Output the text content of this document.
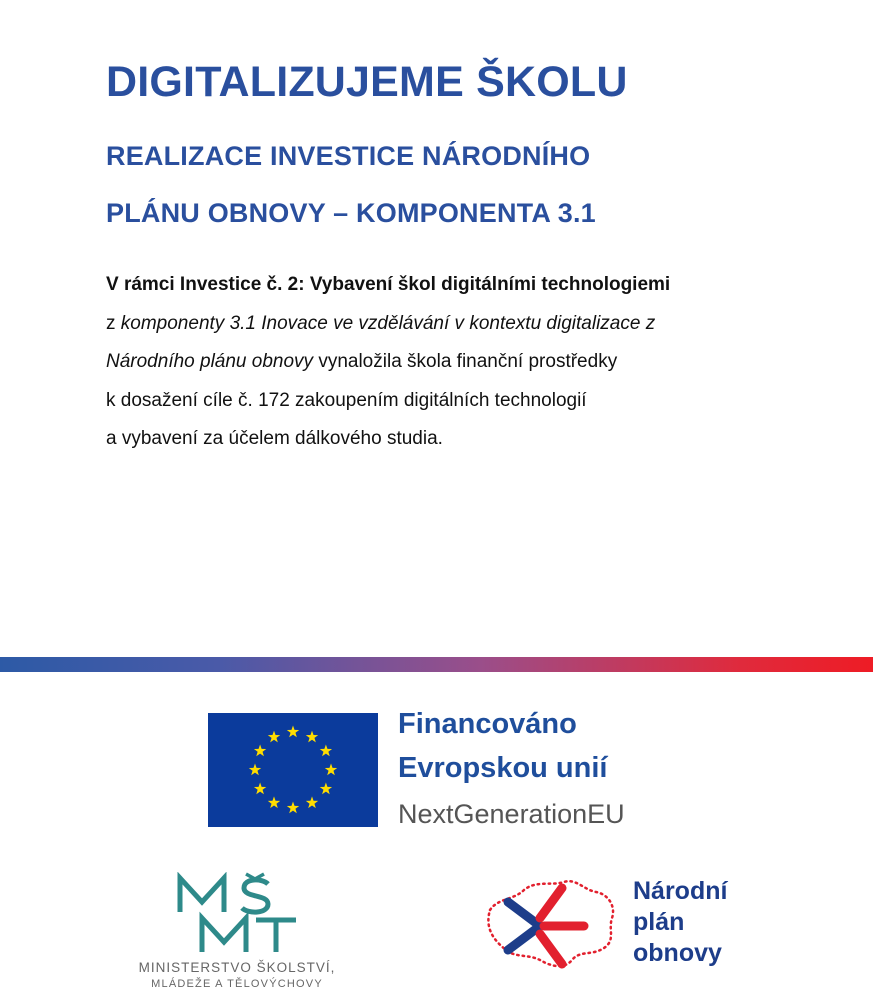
DIGITALIZUJEME ŠKOLU
REALIZACE INVESTICE NÁRODNÍHO
PLÁNU OBNOVY – KOMPONENTA 3.1
V rámci Investice č. 2: Vybavení škol digitálními technologiemi
z komponenty 3.1 Inovace ve vzdělávání v kontextu digitalizace z
Národního plánu obnovy vynaložila škola finanční prostředky
k dosažení cíle č. 172 zakoupením digitálních technologií
a vybavení za účelem dálkového studia.

Financováno

Evropskou unií

NextGenerationEU

MINISTERSTVO ŠKOLSTVÍ,

MLÁDEŽE A TĚLOVÝCHOVY

Národní
plán
obnovy
